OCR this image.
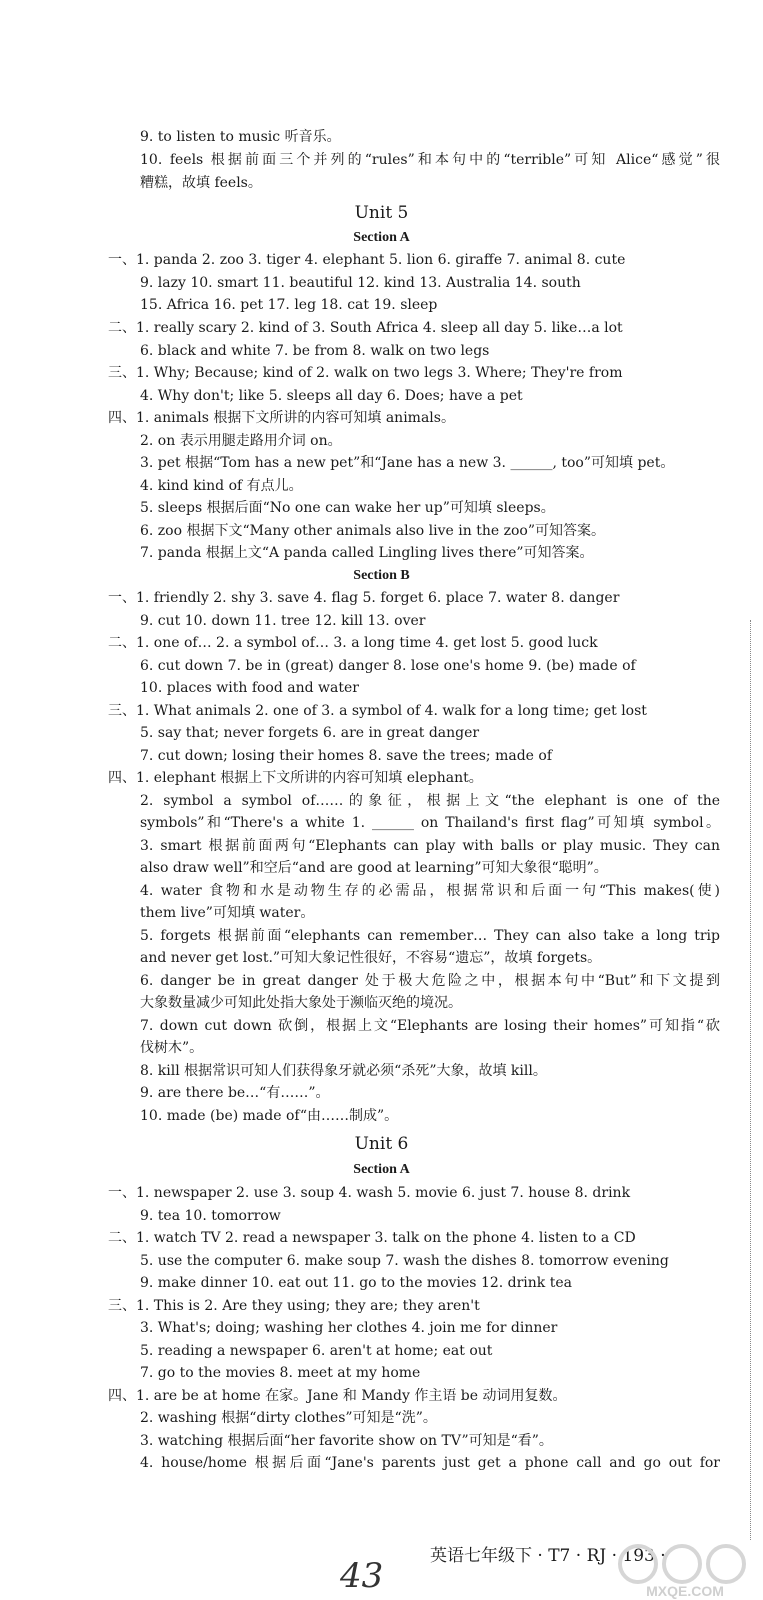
9. to listen to music 听音乐。
10. feels 根据前面三个并列的“rules”和本句中的“terrible”可知 Alice“感觉”很
糟糕，故填 feels。
Unit 5
Section A
一、1. panda 2. zoo 3. tiger 4. elephant 5. lion 6. giraffe 7. animal 8. cute
9. lazy 10. smart 11. beautiful 12. kind 13. Australia 14. south
15. Africa 16. pet 17. leg 18. cat 19. sleep
二、1. really scary 2. kind of 3. South Africa 4. sleep all day 5. like…a lot
6. black and white 7. be from 8. walk on two legs
三、1. Why; Because; kind of 2. walk on two legs 3. Where; They're from
4. Why don't; like 5. sleeps all day 6. Does; have a pet
四、1. animals 根据下文所讲的内容可知填 animals。
2. on 表示用腿走路用介词 on。
3. pet 根据“Tom has a new pet”和“Jane has a new 3. ______, too”可知填 pet。
4. kind kind of 有点儿。
5. sleeps 根据后面“No one can wake her up”可知填 sleeps。
6. zoo 根据下文“Many other animals also live in the zoo”可知答案。
7. panda 根据上文“A panda called Lingling lives there”可知答案。
Section B
一、1. friendly 2. shy 3. save 4. flag 5. forget 6. place 7. water 8. danger
9. cut 10. down 11. tree 12. kill 13. over
二、1. one of… 2. a symbol of… 3. a long time 4. get lost 5. good luck
6. cut down 7. be in (great) danger 8. lose one's home 9. (be) made of
10. places with food and water
三、1. What animals 2. one of 3. a symbol of 4. walk for a long time; get lost
5. say that; never forgets 6. are in great danger
7. cut down; losing their homes 8. save the trees; made of
四、1. elephant 根据上下文所讲的内容可知填 elephant。
2. symbol a symbol of……的象征，根据上文“the elephant is one of the
symbols”和“There's a white 1. ______ on Thailand's first flag”可知填 symbol。
3. smart 根据前面两句“Elephants can play with balls or play music. They can
also draw well”和空后“and are good at learning”可知大象很“聪明”。
4. water 食物和水是动物生存的必需品，根据常识和后面一句“This makes(使)
them live”可知填 water。
5. forgets 根据前面“elephants can remember… They can also take a long trip
and never get lost.”可知大象记性很好，不容易“遗忘”，故填 forgets。
6. danger be in great danger 处于极大危险之中，根据本句中“But”和下文提到
大象数量减少可知此处指大象处于濒临灭绝的境况。
7. down cut down 砍倒，根据上文“Elephants are losing their homes”可知指“砍
伐树木”。
8. kill 根据常识可知人们获得象牙就必须“杀死”大象，故填 kill。
9. are there be…“有……”。
10. made (be) made of“由……制成”。
Unit 6
Section A
一、1. newspaper 2. use 3. soup 4. wash 5. movie 6. just 7. house 8. drink
9. tea 10. tomorrow
二、1. watch TV 2. read a newspaper 3. talk on the phone 4. listen to a CD
5. use the computer 6. make soup 7. wash the dishes 8. tomorrow evening
9. make dinner 10. eat out 11. go to the movies 12. drink tea
三、1. This is 2. Are they using; they are; they aren't
3. What's; doing; washing her clothes 4. join me for dinner
5. reading a newspaper 6. aren't at home; eat out
7. go to the movies 8. meet at my home
四、1. are be at home 在家。Jane 和 Mandy 作主语 be 动词用复数。
2. washing 根据“dirty clothes”可知是“洗”。
3. watching 根据后面“her favorite show on TV”可知是“看”。
4. house/home 根据后面“Jane's parents just get a phone call and go out for
43	英语七年级下 · T7 · RJ · 193 ·
MXQE.COM
